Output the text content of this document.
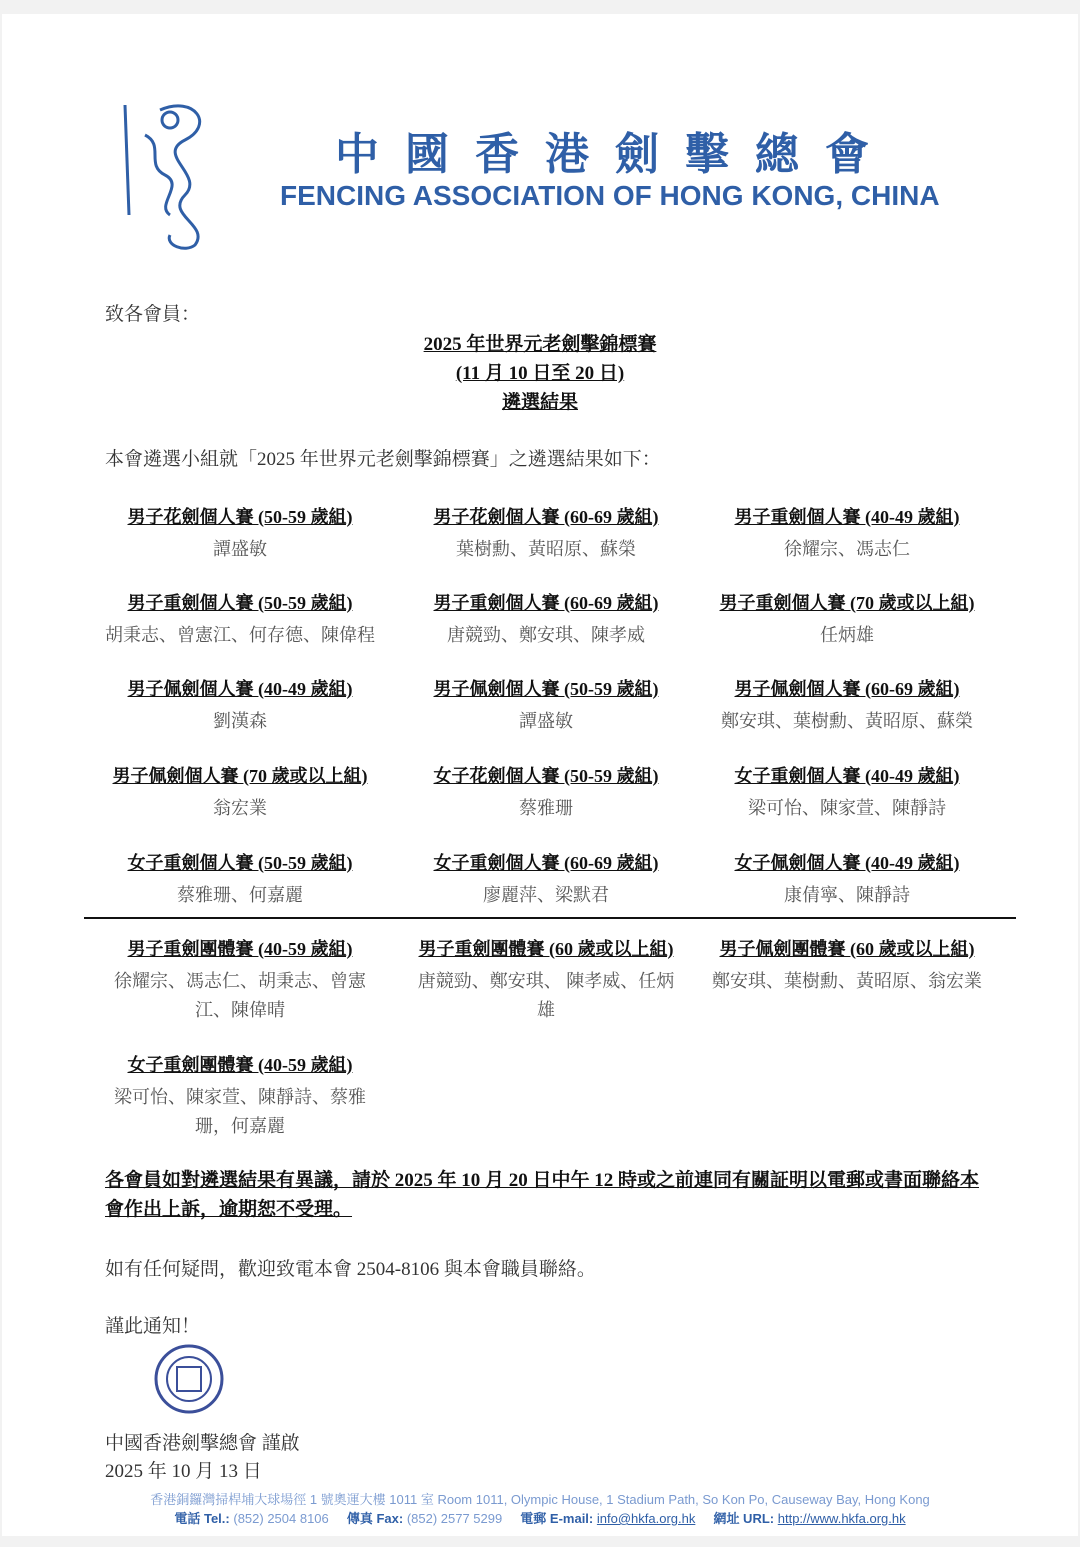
中國香港劍擊總會
FENCING ASSOCIATION OF HONG KONG, CHINA
致各會員：
2025 年世界元老劍擊錦標賽
(11 月 10 日至 20 日)
遴選結果
本會遴選小組就「2025 年世界元老劍擊錦標賽」之遴選結果如下：
男子花劍個人賽 (50-59 歲組)
譚盛敏
男子花劍個人賽 (60-69 歲組)
葉樹勳、黃昭原、蘇榮
男子重劍個人賽 (40-49 歲組)
徐耀宗、馮志仁
男子重劍個人賽 (50-59 歲組)
胡秉志、曾憲江、何存德、陳偉程
男子重劍個人賽 (60-69 歲組)
唐競勁、鄭安琪、陳孝威
男子重劍個人賽 (70 歲或以上組)
任炳雄
男子佩劍個人賽 (40-49 歲組)
劉漢森
男子佩劍個人賽 (50-59 歲組)
譚盛敏
男子佩劍個人賽 (60-69 歲組)
鄭安琪、葉樹勳、黃昭原、蘇榮
男子佩劍個人賽 (70 歲或以上組)
翁宏業
女子花劍個人賽 (50-59 歲組)
蔡雅珊
女子重劍個人賽 (40-49 歲組)
梁可怡、陳家萱、陳靜詩
女子重劍個人賽 (50-59 歲組)
蔡雅珊、何嘉麗
女子重劍個人賽 (60-69 歲組)
廖麗萍、梁默君
女子佩劍個人賽 (40-49 歲組)
康倩寧、陳靜詩
男子重劍團體賽 (40-59 歲組)
徐耀宗、馮志仁、胡秉志、曾憲江、陳偉晴
男子重劍團體賽 (60 歲或以上組)
唐競勁、鄭安琪、 陳孝威、任炳雄
男子佩劍團體賽 (60 歲或以上組)
鄭安琪、葉樹勳、黃昭原、翁宏業
女子重劍團體賽 (40-59 歲組)
梁可怡、陳家萱、陳靜詩、蔡雅珊，何嘉麗
各會員如對遴選結果有異議，請於 2025 年 10 月 20 日中午 12 時或之前連同有關証明以電郵或書面聯絡本會作出上訴，逾期恕不受理。
如有任何疑問，歡迎致電本會 2504-8106 與本會職員聯絡。
謹此通知！
中國香港劍擊總會 謹啟
2025 年 10 月 13 日
香港銅鑼灣掃桿埔大球場徑 1 號奧運大樓 1011 室 Room 1011, Olympic House, 1 Stadium Path, So Kon Po, Causeway Bay, Hong Kong
電話 Tel.: (852) 2504 8106 傳真 Fax: (852) 2577 5299 電郵 E-mail: info@hkfa.org.hk 網址 URL: http://www.hkfa.org.hk
